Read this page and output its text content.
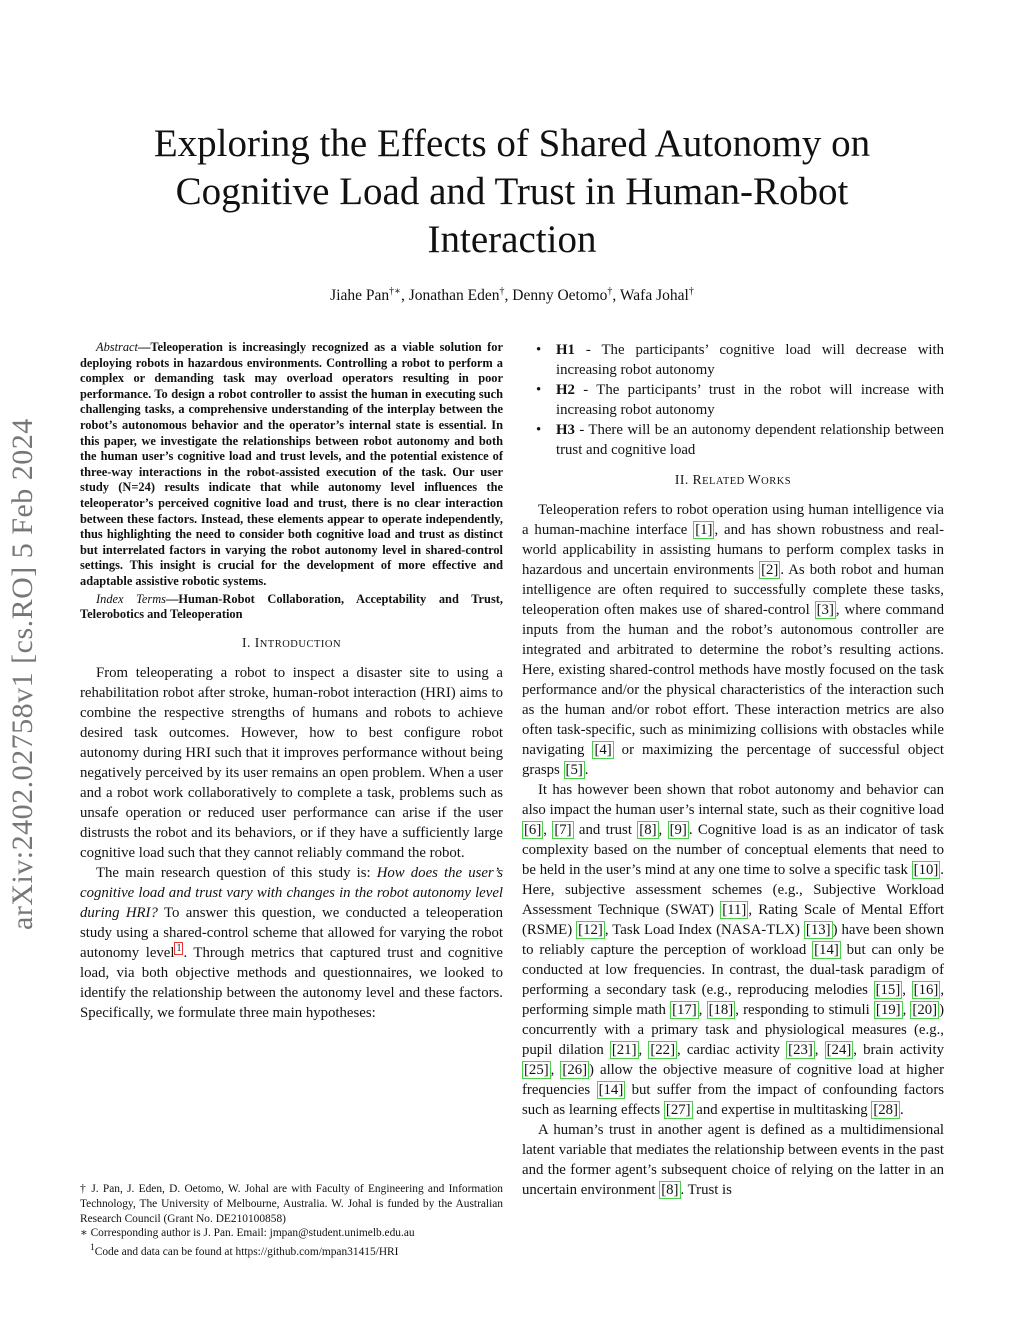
arXiv:2402.02758v1 [cs.RO] 5 Feb 2024
Exploring the Effects of Shared Autonomy on
Cognitive Load and Trust in Human-Robot
Interaction
Jiahe Pan†∗, Jonathan Eden†, Denny Oetomo†, Wafa Johal†

Abstract—Teleoperation is increasingly recognized as a viable solution for deploying robots in hazardous environments. Controlling a robot to perform a complex or demanding task may overload operators resulting in poor performance. To design a robot controller to assist the human in executing such challenging tasks, a comprehensive understanding of the interplay between the robot’s autonomous behavior and the operator’s internal state is essential. In this paper, we investigate the relationships between robot autonomy and both the human user’s cognitive load and trust levels, and the potential existence of three-way interactions in the robot-assisted execution of the task. Our user study (N=24) results indicate that while autonomy level influences the teleoperator’s perceived cognitive load and trust, there is no clear interaction between these factors. Instead, these elements appear to operate independently, thus highlighting the need to consider both cognitive load and trust as distinct but interrelated factors in varying the robot autonomy level in shared-control settings. This insight is crucial for the development of more effective and adaptable assistive robotic systems.

Index Terms—Human-Robot Collaboration, Acceptability and Trust, Telerobotics and Teleoperation

I. INTRODUCTION

From teleoperating a robot to inspect a disaster site to using a rehabilitation robot after stroke, human-robot interaction (HRI) aims to combine the respective strengths of humans and robots to achieve desired task outcomes. However, how to best configure robot autonomy during HRI such that it improves performance without being negatively perceived by its user remains an open problem. When a user and a robot work collaboratively to complete a task, problems such as unsafe operation or reduced user performance can arise if the user distrusts the robot and its behaviors, or if they have a sufficiently large cognitive load such that they cannot reliably command the robot.

The main research question of this study is: How does the user’s cognitive load and trust vary with changes in the robot autonomy level during HRI? To answer this question, we conducted a teleoperation study using a shared-control scheme that allowed for varying the robot autonomy level $^1$ . Through metrics that captured trust and cognitive load, via both objective methods and questionnaires, we looked to identify the relationship between the autonomy level and these factors. Specifically, we formulate three main hypotheses:

† J. Pan, J. Eden, D. Oetomo, W. Johal are with Faculty of Engineering and Information Technology, The University of Melbourne, Australia. W. Johal is funded by the Australian Research Council (Grant No. DE210100858)

∗ Corresponding author is J. Pan. Email: jmpan@student.unimelb.edu.au

$^1$Code and data can be found at https://github.com/mpan31415/HRI

• H1 - The participants’ cognitive load will decrease with increasing robot autonomy
• H2 - The participants’ trust in the robot will increase with increasing robot autonomy
• H3 - There will be an autonomy dependent relationship between trust and cognitive load
II. RELATED WORKS

Teleoperation refers to robot operation using human intelligence via a human-machine interface [1] , and has shown robustness and real-world applicability in assisting humans to perform complex tasks in hazardous and uncertain environments [2] . As both robot and human intelligence are often required to successfully complete these tasks, teleoperation often makes use of shared-control [3] , where command inputs from the human and the robot’s autonomous controller are integrated and arbitrated to determine the robot’s resulting actions. Here, existing shared-control methods have mostly focused on the task performance and/or the physical characteristics of the interaction such as the human and/or robot effort. These interaction metrics are also often task-specific, such as minimizing collisions with obstacles while navigating [4] or maximizing the percentage of successful object grasps [5] .

It has however been shown that robot autonomy and behavior can also impact the human user’s internal state, such as their cognitive load [6] , [7] and trust [8] , [9] . Cognitive load is as an indicator of task complexity based on the number of conceptual elements that need to be held in the user’s mind at any one time to solve a specific task [10] . Here, subjective assessment schemes (e.g., Subjective Workload Assessment Technique (SWAT) [11] , Rating Scale of Mental Effort (RSME) [12] , Task Load Index (NASA-TLX) [13] ) have been shown to reliably capture the perception of workload [14] but can only be conducted at low frequencies. In contrast, the dual-task paradigm of performing a secondary task (e.g., reproducing melodies [15] , [16] , performing simple math [17] , [18] , responding to stimuli [19] , [20] ) concurrently with a primary task and physiological measures (e.g., pupil dilation [21] , [22] , cardiac activity [23] , [24] , brain activity [25] , [26] ) allow the objective measure of cognitive load at higher frequencies [14] but suffer from the impact of confounding factors such as learning effects [27] and expertise in multitasking [28] .

A human’s trust in another agent is defined as a multidimensional latent variable that mediates the relationship between events in the past and the former agent’s subsequent choice of relying on the latter in an uncertain environment [8] . Trust is
